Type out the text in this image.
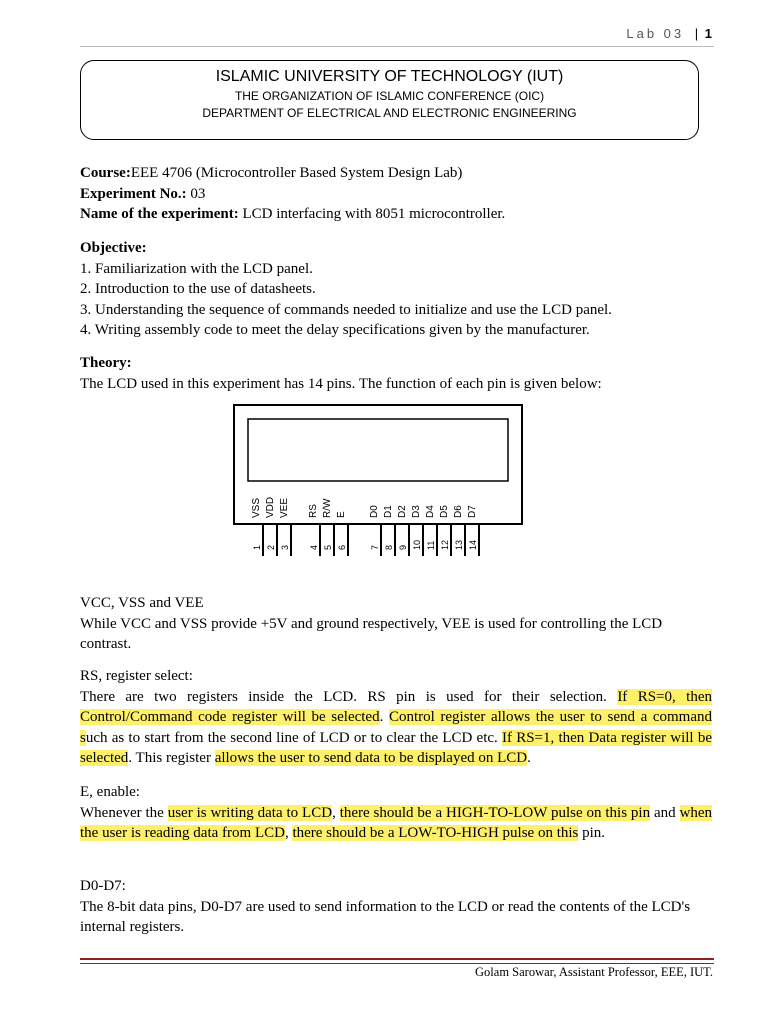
Lab 03 | 1
ISLAMIC UNIVERSITY OF TECHNOLOGY (IUT)
THE ORGANIZATION OF ISLAMIC CONFERENCE (OIC)
DEPARTMENT OF ELECTRICAL AND ELECTRONIC ENGINEERING

Course:EEE 4706 (Microcontroller Based System Design Lab)

Experiment No.: 03

Name of the experiment: LCD interfacing with 8051 microcontroller.

Objective:

1. Familiarization with the LCD panel.

2. Introduction to the use of datasheets.

3. Understanding the sequence of commands needed to initialize and use the LCD panel.

4. Writing assembly code to meet the delay specifications given by the manufacturer.

Theory:

The LCD used in this experiment has 14 pins. The function of each pin is given below:

VSS
1
VDD
2
VEE
3
RS
4
R/W
5
E
6
D0
7
D1
8
D2
9
D3
10
D4
11
D5
12
D6
13
D7
14

VCC, VSS and VEE

While VCC and VSS provide +5V and ground respectively, VEE is used for controlling the LCD contrast.

RS, register select:

There are two registers inside the LCD. RS pin is used for their selection. If RS=0, then Control/Command code register will be selected. Control register allows the user to send a command such as to start from the second line of LCD or to clear the LCD etc. If RS=1, then Data register will be selected. This register allows the user to send data to be displayed on LCD.

E, enable:

Whenever the user is writing data to LCD, there should be a HIGH-TO-LOW pulse on this pin and when the user is reading data from LCD, there should be a LOW-TO-HIGH pulse on this pin.

D0-D7:

The 8-bit data pins, D0-D7 are used to send information to the LCD or read the contents of the LCD's internal registers.

Golam Sarowar, Assistant Professor, EEE, IUT.
